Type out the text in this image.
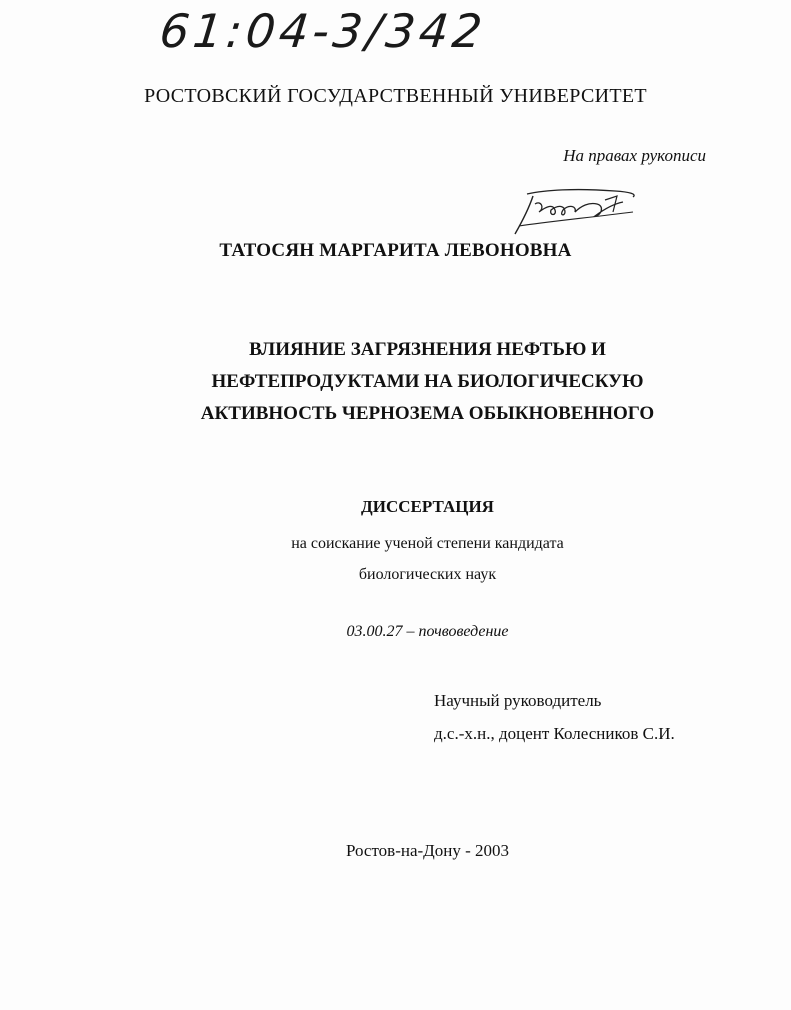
61:04-3/342
РОСТОВСКИЙ ГОСУДАРСТВЕННЫЙ УНИВЕРСИТЕТ
На правах рукописи
ТАТОСЯН МАРГАРИТА ЛЕВОНОВНА
ВЛИЯНИЕ ЗАГРЯЗНЕНИЯ НЕФТЬЮ И
НЕФТЕПРОДУКТАМИ НА БИОЛОГИЧЕСКУЮ
АКТИВНОСТЬ ЧЕРНОЗЕМА ОБЫКНОВЕННОГО
ДИССЕРТАЦИЯ
на соискание ученой степени кандидата
биологических наук
03.00.27 – почвоведение
Научный руководитель
д.с.-х.н., доцент Колесников С.И.
Ростов-на-Дону - 2003
